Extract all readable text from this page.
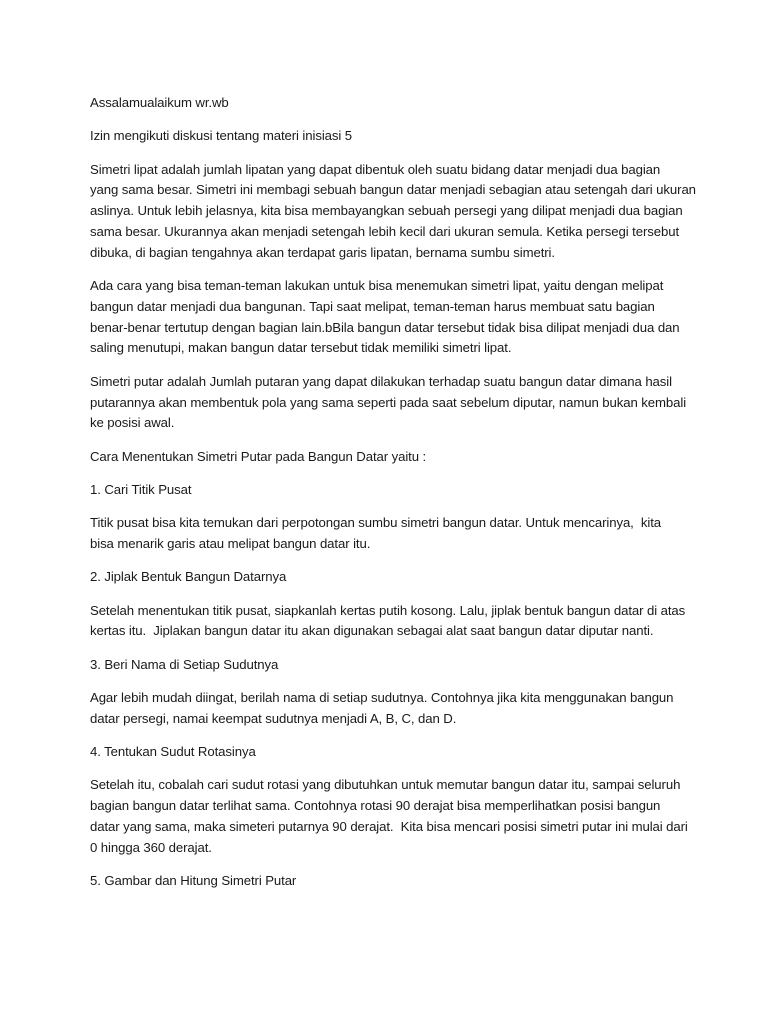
Assalamualaikum wr.wb

Izin mengikuti diskusi tentang materi inisiasi 5

Simetri lipat adalah jumlah lipatan yang dapat dibentuk oleh suatu bidang datar menjadi dua bagian
yang sama besar. Simetri ini membagi sebuah bangun datar menjadi sebagian atau setengah dari ukuran
aslinya. Untuk lebih jelasnya, kita bisa membayangkan sebuah persegi yang dilipat menjadi dua bagian
sama besar. Ukurannya akan menjadi setengah lebih kecil dari ukuran semula. Ketika persegi tersebut
dibuka, di bagian tengahnya akan terdapat garis lipatan, bernama sumbu simetri.

Ada cara yang bisa teman-teman lakukan untuk bisa menemukan simetri lipat, yaitu dengan melipat
bangun datar menjadi dua bangunan. Tapi saat melipat, teman-teman harus membuat satu bagian
benar-benar tertutup dengan bagian lain.bBila bangun datar tersebut tidak bisa dilipat menjadi dua dan
saling menutupi, makan bangun datar tersebut tidak memiliki simetri lipat.

Simetri putar adalah Jumlah putaran yang dapat dilakukan terhadap suatu bangun datar dimana hasil
putarannya akan membentuk pola yang sama seperti pada saat sebelum diputar, namun bukan kembali
ke posisi awal.

Cara Menentukan Simetri Putar pada Bangun Datar yaitu :

1. Cari Titik Pusat

Titik pusat bisa kita temukan dari perpotongan sumbu simetri bangun datar. Untuk mencarinya,  kita
bisa menarik garis atau melipat bangun datar itu.

2. Jiplak Bentuk Bangun Datarnya

Setelah menentukan titik pusat, siapkanlah kertas putih kosong. Lalu, jiplak bentuk bangun datar di atas
kertas itu.  Jiplakan bangun datar itu akan digunakan sebagai alat saat bangun datar diputar nanti.

3. Beri Nama di Setiap Sudutnya

Agar lebih mudah diingat, berilah nama di setiap sudutnya. Contohnya jika kita menggunakan bangun
datar persegi, namai keempat sudutnya menjadi A, B, C, dan D.

4. Tentukan Sudut Rotasinya

Setelah itu, cobalah cari sudut rotasi yang dibutuhkan untuk memutar bangun datar itu, sampai seluruh
bagian bangun datar terlihat sama. Contohnya rotasi 90 derajat bisa memperlihatkan posisi bangun
datar yang sama, maka simeteri putarnya 90 derajat.  Kita bisa mencari posisi simetri putar ini mulai dari
0 hingga 360 derajat.

5. Gambar dan Hitung Simetri Putar
